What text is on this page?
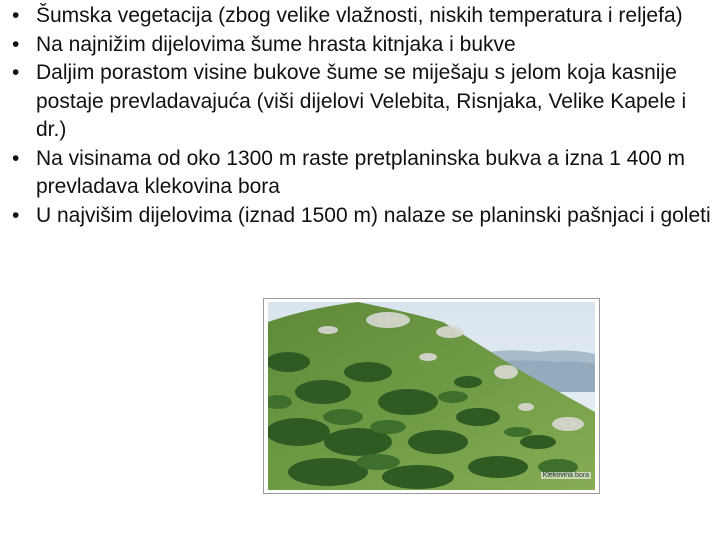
• Šumska vegetacija (zbog velike vlažnosti, niskih temperatura i reljefa)
• Na najnižim dijelovima šume hrasta kitnjaka i bukve
• Daljim porastom visine bukove šume se miješaju s jelom koja kasnije postaje prevladavajuća (viši dijelovi Velebita, Risnjaka, Velike Kapele i dr.)
• Na visinama od oko 1300 m raste pretplaninska bukva a izna 1 400 m prevladava klekovina bora
• U najvišim dijelovima (iznad 1500 m) nalaze se planinski pašnjaci i goleti
Klekovina bora
